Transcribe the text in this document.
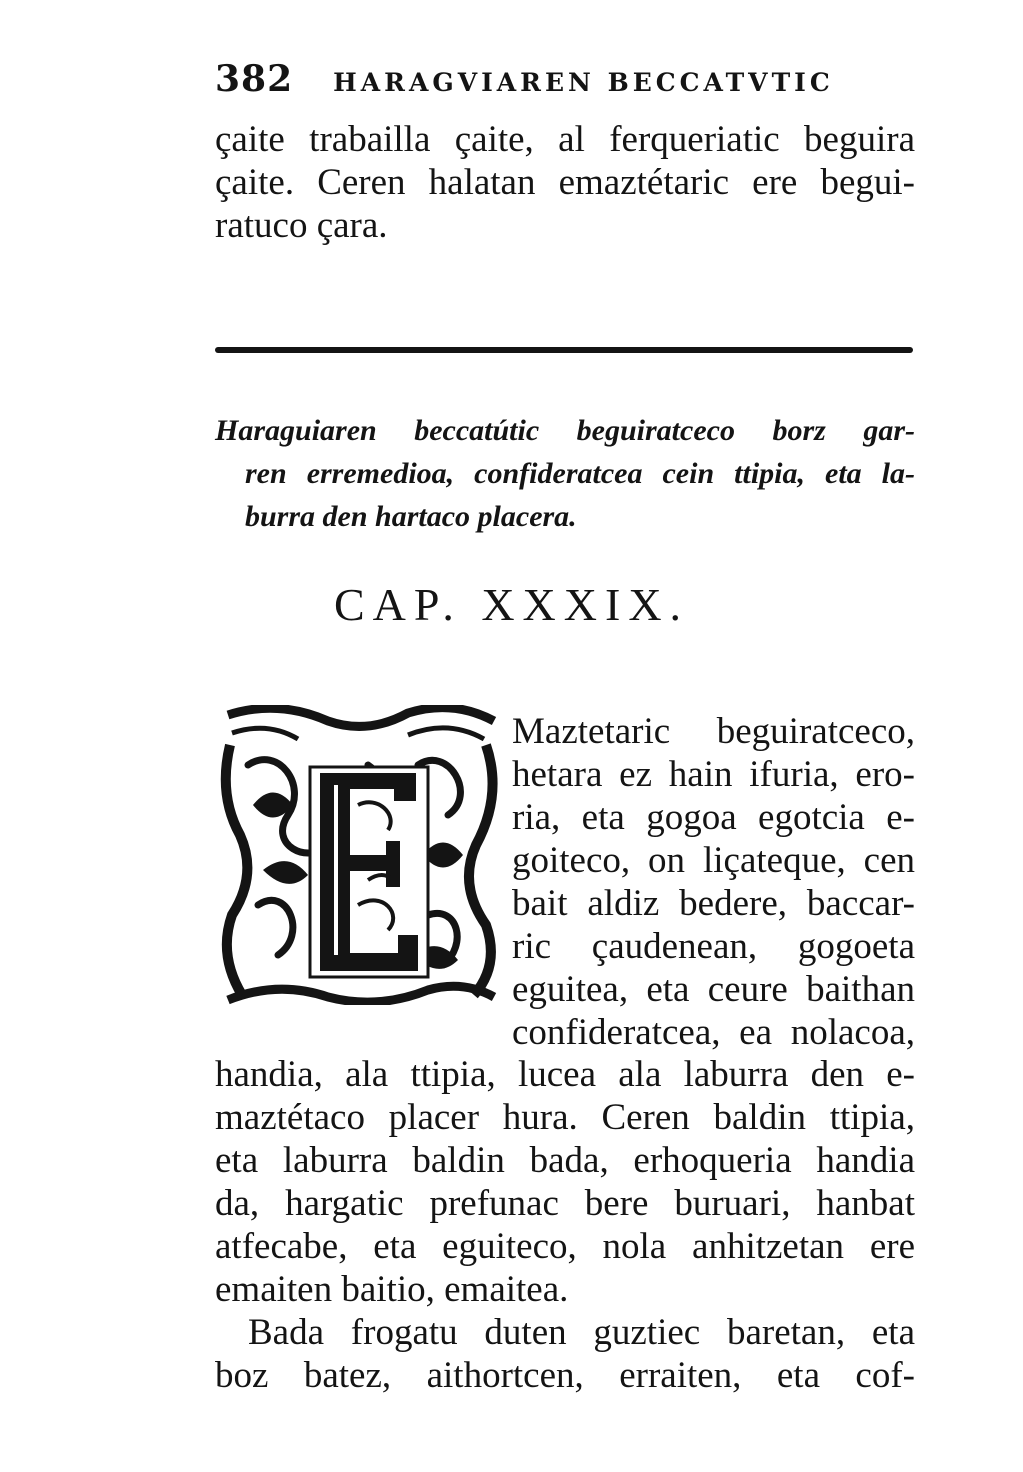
382 HARAGVIAREN BECCATVTIC

çaite trabailla çaite, al ferqueriatic beguira

çaite. Ceren halatan emaztétaric ere begui-

ratuco çara.

Haraguiaren beccatútic beguiratceco borz gar-

ren erremedioa, confideratcea cein ttipia, eta la-

burra den hartaco placera.

CAP. XXXIX.

Maztetaric beguiratceco,

hetara ez hain ifuria, ero-

ria, eta gogoa egotcia e-

goiteco, on liçateque, cen

bait aldiz bedere, baccar-

ric çaudenean, gogoeta

eguitea, eta ceure baithan

confideratcea, ea nolacoa,

handia, ala ttipia, lucea ala laburra den e-

maztétaco placer hura. Ceren baldin ttipia,

eta laburra baldin bada, erhoqueria handia

da, hargatic prefunac bere buruari, hanbat

atfecabe, eta eguiteco, nola anhitzetan ere

emaiten baitio, emaitea.

Bada frogatu duten guztiec baretan, eta

boz batez, aithortcen, erraiten, eta cof-
